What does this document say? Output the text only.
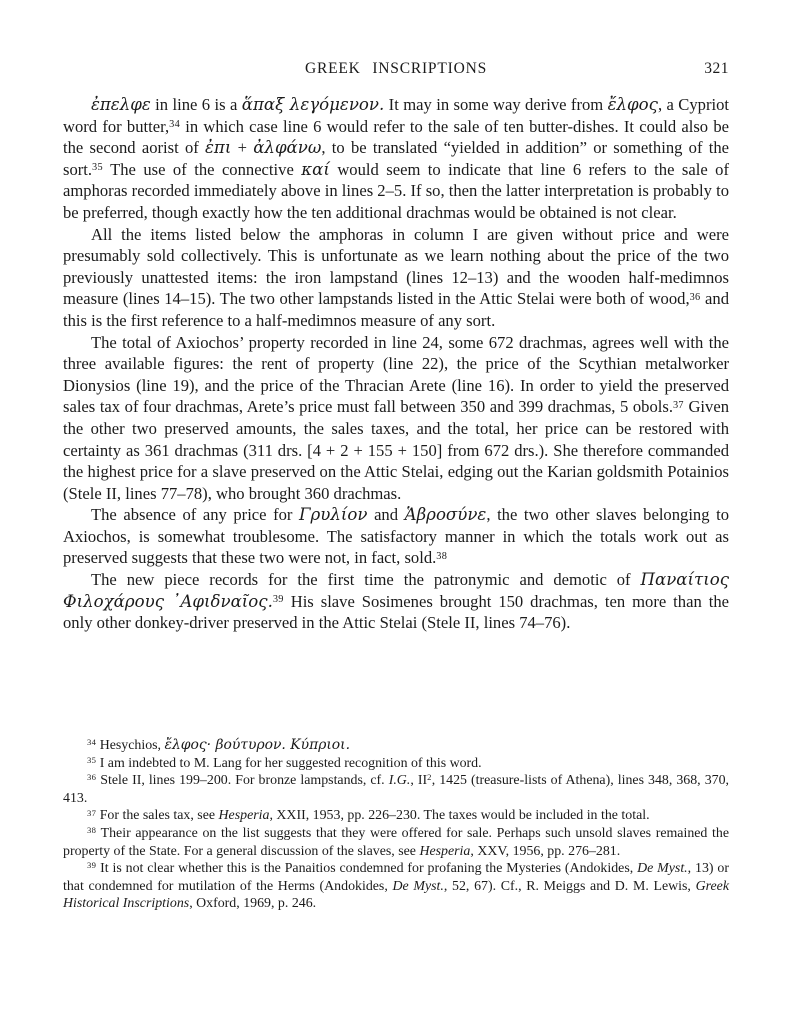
GREEK INSCRIPTIONS	321

ἐπελφε in line 6 is a ἅπαξ λεγόμενον. It may in some way derive from ἔλφος, a Cypriot word for butter,$^{34}$ in which case line 6 would refer to the sale of ten butter-dishes. It could also be the second aorist of ἐπι + ἀλφάνω, to be translated “yielded in addition” or something of the sort.$^{35}$ The use of the connective καί would seem to indicate that line 6 refers to the sale of amphoras recorded immediately above in lines 2–5. If so, then the latter interpretation is probably to be preferred, though exactly how the ten additional drachmas would be obtained is not clear.

All the items listed below the amphoras in column I are given without price and were presumably sold collectively. This is unfortunate as we learn nothing about the price of the two previously unattested items: the iron lampstand (lines 12–13) and the wooden half-medimnos measure (lines 14–15). The two other lampstands listed in the Attic Stelai were both of wood,$^{36}$ and this is the first reference to a half-medimnos measure of any sort.

The total of Axiochos’ property recorded in line 24, some 672 drachmas, agrees well with the three available figures: the rent of property (line 22), the price of the Scythian metalworker Dionysios (line 19), and the price of the Thracian Arete (line 16). In order to yield the preserved sales tax of four drachmas, Arete’s price must fall between 350 and 399 drachmas, 5 obols.$^{37}$ Given the other two preserved amounts, the sales taxes, and the total, her price can be restored with certainty as 361 drachmas (311 drs. [4 + 2 + 155 + 150] from 672 drs.). She therefore commanded the highest price for a slave preserved on the Attic Stelai, edging out the Karian goldsmith Potainios (Stele II, lines 77–78), who brought 360 drachmas.

The absence of any price for Γρυλίον and Ἁβροσύνε, the two other slaves belonging to Axiochos, is somewhat troublesome. The satisfactory manner in which the totals work out as preserved suggests that these two were not, in fact, sold.$^{38}$

The new piece records for the first time the patronymic and demotic of Παναίτιος Φιλοχάρους ᾿Αφιδναῖος.$^{39}$ His slave Sosimenes brought 150 drachmas, ten more than the only other donkey-driver preserved in the Attic Stelai (Stele II, lines 74–76).

$^{34}$ Hesychios, ἔλφος· βούτυρον. Κύπριοι.

$^{35}$ I am indebted to M. Lang for her suggested recognition of this word.

$^{36}$ Stele II, lines 199–200. For bronze lampstands, cf. I.G., II$^2$, 1425 (treasure-lists of Athena), lines 348, 368, 370, 413.

$^{37}$ For the sales tax, see Hesperia, XXII, 1953, pp. 226–230. The taxes would be included in the total.

$^{38}$ Their appearance on the list suggests that they were offered for sale. Perhaps such unsold slaves remained the property of the State. For a general discussion of the slaves, see Hesperia, XXV, 1956, pp. 276–281.

$^{39}$ It is not clear whether this is the Panaitios condemned for profaning the Mysteries (Andokides, De Myst., 13) or that condemned for mutilation of the Herms (Andokides, De Myst., 52, 67). Cf., R. Meiggs and D. M. Lewis, Greek Historical Inscriptions, Oxford, 1969, p. 246.
